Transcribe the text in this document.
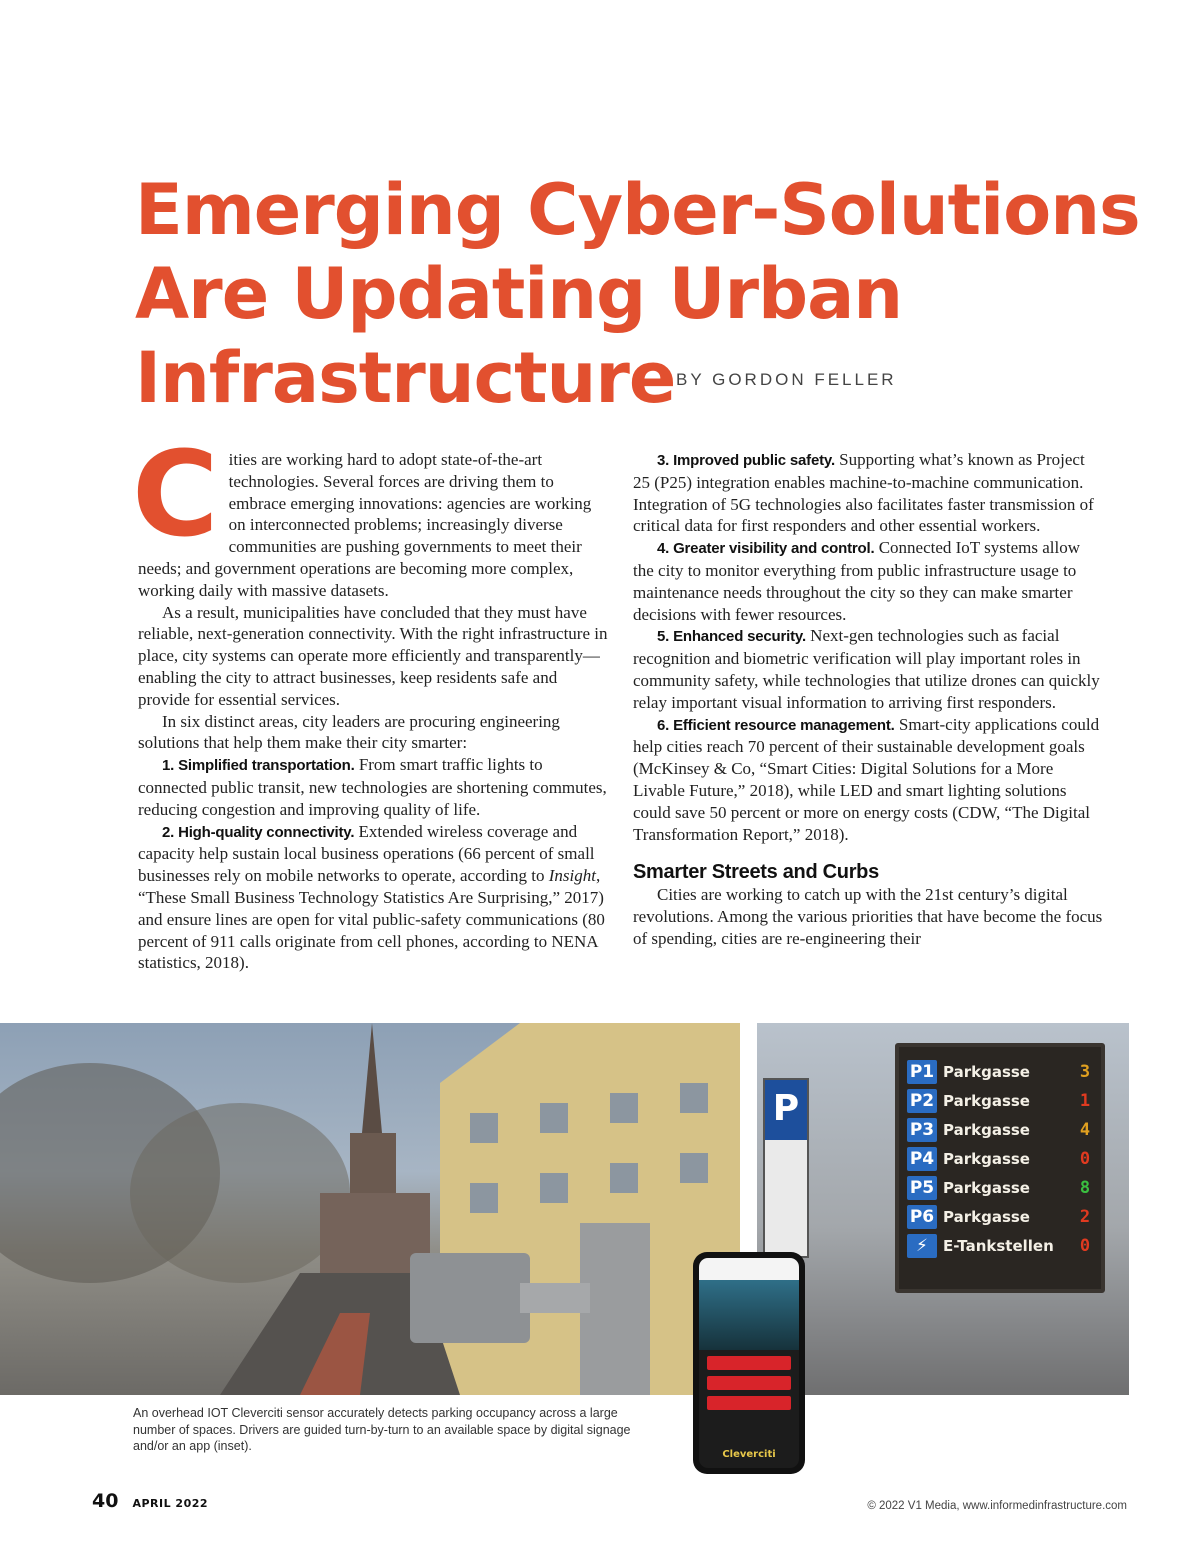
Emerging Cyber-Solutions
Are Updating Urban
Infrastructure BY GORDON FELLER

Cities are working hard to adopt state-of-the-art technologies. Several forces are driving them to embrace emerging innovations: agencies are working on interconnected problems; increasingly diverse communities are pushing governments to meet their needs; and government operations are becoming more complex, working daily with massive datasets.

As a result, municipalities have concluded that they must have reliable, next-generation connectivity. With the right infrastructure in place, city systems can operate more efficiently and transparently—enabling the city to attract businesses, keep residents safe and provide for essential services.

In six distinct areas, city leaders are procuring engineering solutions that help them make their city smarter:

1. Simplified transportation. From smart traffic lights to connected public transit, new technologies are shortening commutes, reducing congestion and improving quality of life.

2. High-quality connectivity. Extended wireless coverage and capacity help sustain local business operations (66 percent of small businesses rely on mobile networks to operate, according to Insight, “These Small Business Technology Statistics Are Surprising,” 2017) and ensure lines are open for vital public-safety communications (80 percent of 911 calls originate from cell phones, according to NENA statistics, 2018).

3. Improved public safety. Supporting what’s known as Project 25 (P25) integration enables machine-to-machine communication. Integration of 5G technologies also facilitates faster transmission of critical data for first responders and other essential workers.

4. Greater visibility and control. Connected IoT systems allow the city to monitor everything from public infrastructure usage to maintenance needs throughout the city so they can make smarter decisions with fewer resources.

5. Enhanced security. Next-gen technologies such as facial recognition and biometric verification will play important roles in community safety, while technologies that utilize drones can quickly relay important visual information to arriving first responders.

6. Efficient resource management. Smart-city applications could help cities reach 70 percent of their sustainable development goals (McKinsey & Co, “Smart Cities: Digital Solutions for a More Livable Future,” 2018), while LED and smart lighting solutions could save 50 percent or more on energy costs (CDW, “The Digital Transformation Report,” 2018).

Smarter Streets and Curbs

Cities are working to catch up with the 21st century’s digital revolutions. Among the various priorities that have become the focus of spending, cities are re-engineering their

P
P1 Parkgasse	3
P2 Parkgasse	1
P3 Parkgasse	4
P4 Parkgasse	0
P5 Parkgasse	8
P6 Parkgasse	2
⚡	E-Tankstellen	0
Cleverciti
An overhead IOT Cleverciti sensor accurately detects parking occupancy across a large number of spaces. Drivers are guided turn-by-turn to an available space by digital signage and/or an app (inset).
40 APRIL 2022	© 2022 V1 Media, www.informedinfrastructure.com
